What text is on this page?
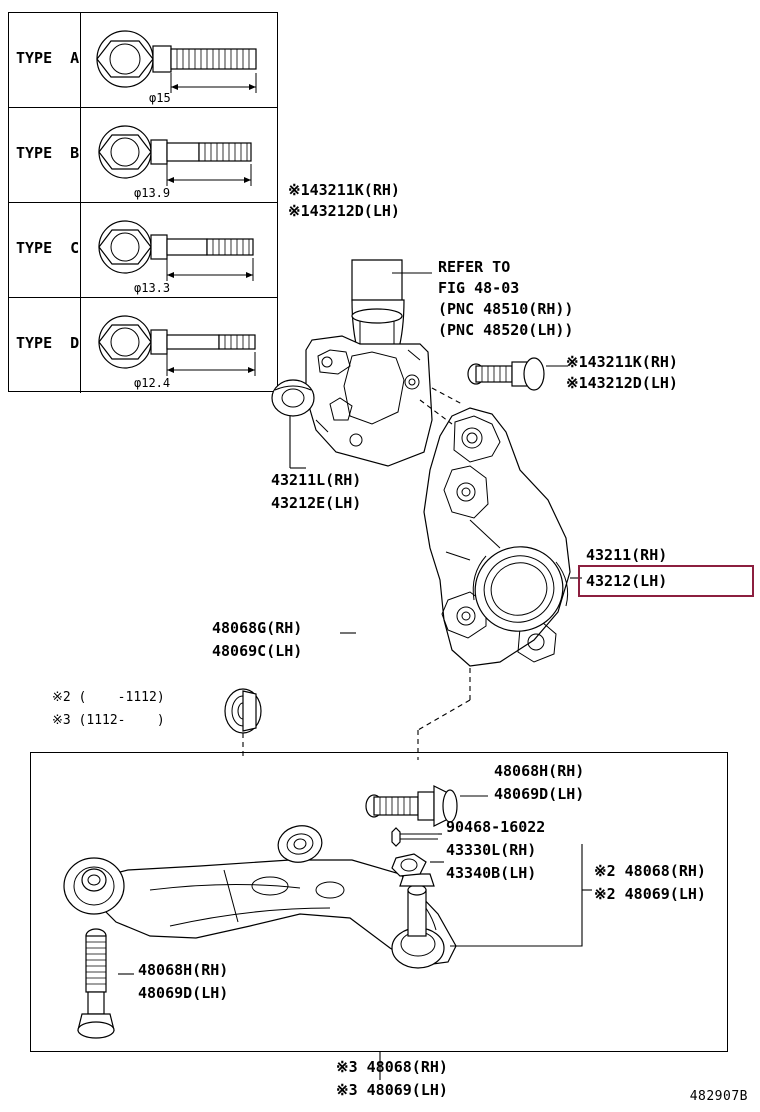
TYPE  A
φ15
TYPE  B
φ13.9
TYPE  C
φ13.3
TYPE  D
φ12.4
※143211K(RH)
※143212D(LH)
REFER TO
FIG 48-03
(PNC 48510(RH))
(PNC 48520(LH))
※143211K(RH)
※143212D(LH)
43211L(RH)
43212E(LH)
43211(RH)
43212(LH)
48068G(RH)
48069C(LH)
※2 (    -1112)
※3 (1112-    )
48068H(RH)
48069D(LH)
90468-16022
43330L(RH)
43340B(LH)	※2 48068(RH)
※2 48069(LH)
48068H(RH)
48069D(LH)
※3 48068(RH)
※3 48069(LH)	482907B
